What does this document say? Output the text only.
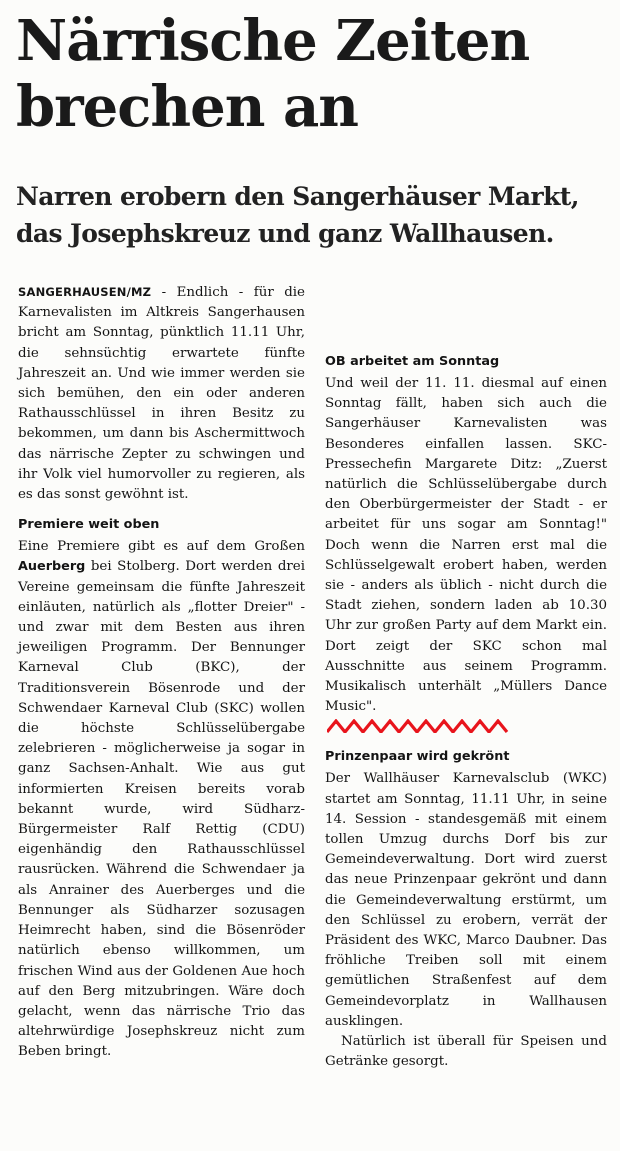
Närrische Zeiten
brechen an
Narren erobern den Sangerhäuser Markt,
das Josephskreuz und ganz Wallhausen.

SANGERHAUSEN/MZ - Endlich - für die Karnevalisten im Altkreis Sangerhausen bricht am Sonntag, pünktlich 11.11 Uhr, die sehnsüchtig erwartete fünfte Jahreszeit an. Und wie immer werden sie sich bemühen, den ein oder anderen Rathausschlüssel in ihren Besitz zu bekommen, um dann bis Aschermittwoch das närrische Zepter zu schwingen und ihr Volk viel humorvoller zu regieren, als es das sonst gewöhnt ist.

Premiere weit oben

Eine Premiere gibt es auf dem Großen Auerberg bei Stolberg. Dort werden drei Vereine gemeinsam die fünfte Jahreszeit einläuten, natürlich als „flotter Dreier" - und zwar mit dem Besten aus ihren jeweiligen Programm. Der Bennunger Karneval Club (BKC), der Traditionsverein Bösenrode und der Schwendaer Karneval Club (SKC) wollen die höchste Schlüsselübergabe zelebrieren - möglicherweise ja sogar in ganz Sachsen-Anhalt. Wie aus gut informierten Kreisen bereits vorab bekannt wurde, wird Südharz-Bürgermeister Ralf Rettig (CDU) eigenhändig den Rathausschlüssel rausrücken. Während die Schwendaer ja als Anrainer des Auerberges und die Bennunger als Südharzer sozusagen Heimrecht haben, sind die Bösenröder natürlich ebenso willkommen, um frischen Wind aus der Goldenen Aue hoch auf den Berg mitzubringen. Wäre doch gelacht, wenn das närrische Trio das altehrwürdige Josephskreuz nicht zum Beben bringt.

OB arbeitet am Sonntag

Und weil der 11. 11. diesmal auf einen Sonntag fällt, haben sich auch die Sangerhäuser Karnevalisten was Besonderes einfallen lassen. SKC-Pressechefin Margarete Ditz: „Zuerst natürlich die Schlüsselübergabe durch den Oberbürgermeister der Stadt - er arbeitet für uns sogar am Sonntag!" Doch wenn die Narren erst mal die Schlüsselgewalt erobert haben, werden sie - anders als üblich - nicht durch die Stadt ziehen, sondern laden ab 10.30 Uhr zur großen Party auf dem Markt ein. Dort zeigt der SKC schon mal Ausschnitte aus seinem Programm. Musikalisch unterhält „Müllers Dance Music".

Prinzenpaar wird gekrönt

Der Wallhäuser Karnevalsclub (WKC) startet am Sonntag, 11.11 Uhr, in seine 14. Session - standesgemäß mit einem tollen Umzug durchs Dorf bis zur Gemeindeverwaltung. Dort wird zuerst das neue Prinzenpaar gekrönt und dann die Gemeindeverwaltung erstürmt, um den Schlüssel zu erobern, verrät der Präsident des WKC, Marco Daubner. Das fröhliche Treiben soll mit einem gemütlichen Straßenfest auf dem Gemeindevorplatz in Wallhausen ausklingen.

Natürlich ist überall für Speisen und Getränke gesorgt.
